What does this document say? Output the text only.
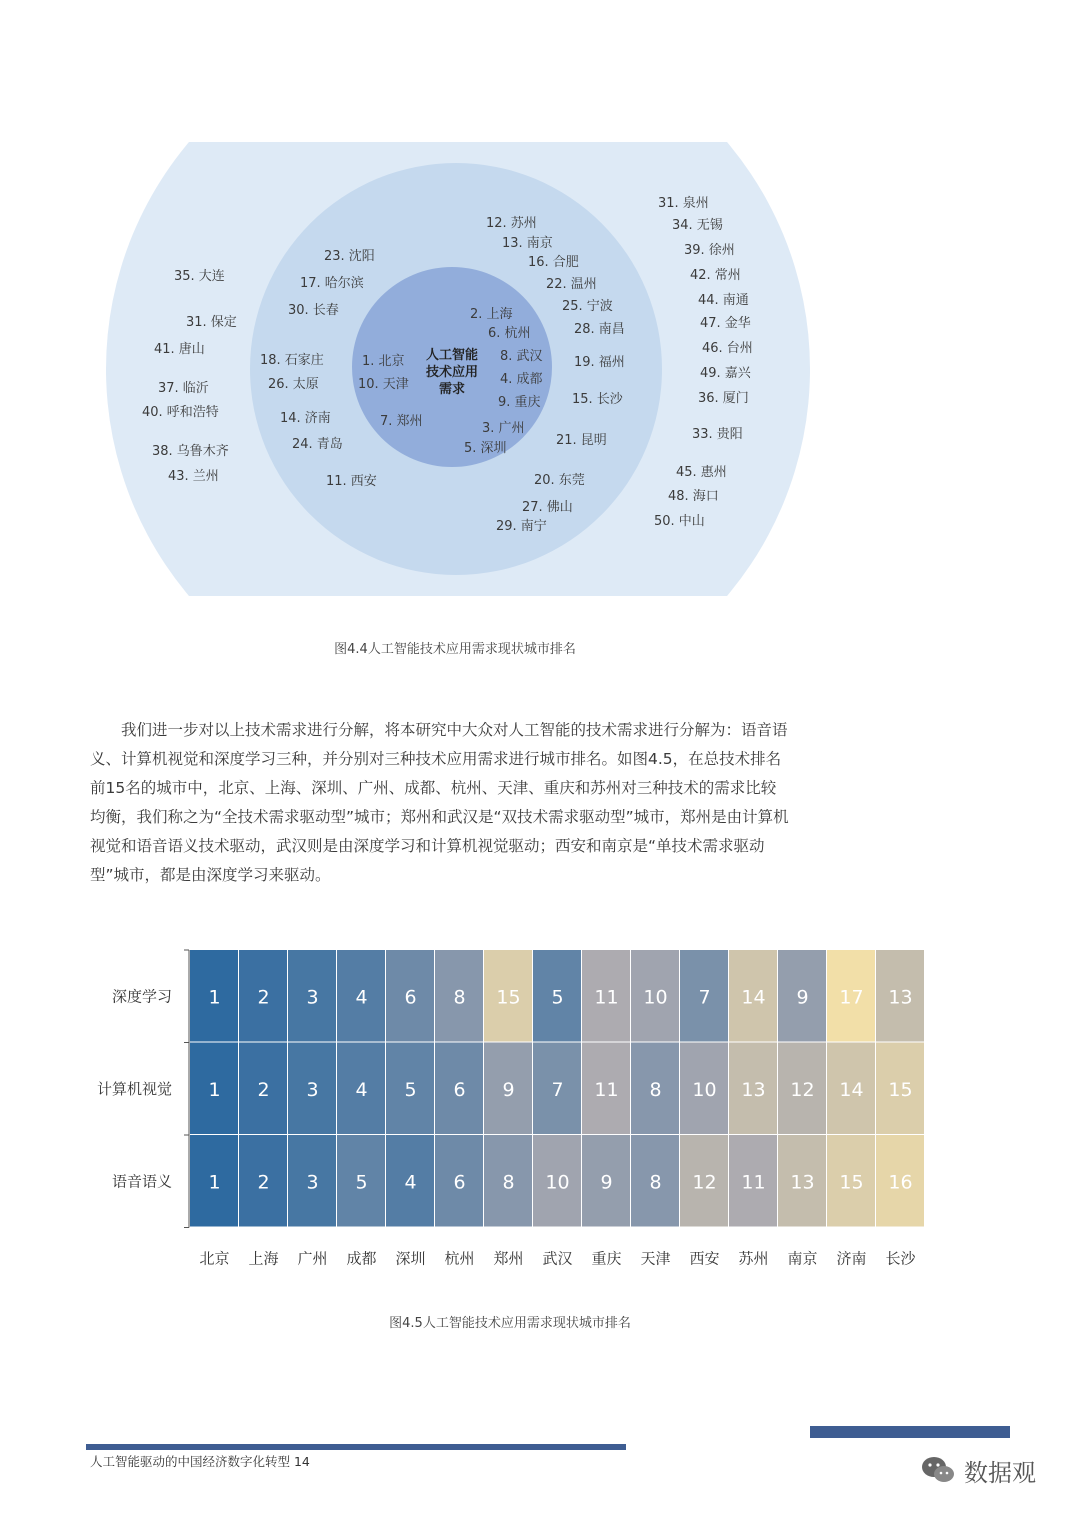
人工智能
技术应用
需求
1. 北京
10. 天津
7. 郑州
2. 上海
6. 杭州
8. 武汉
4. 成都
9. 重庆
3. 广州
5. 深圳
12. 苏州
13. 南京
16. 合肥
22. 温州
25. 宁波
28. 南昌
19. 福州
15. 长沙
21. 昆明
20. 东莞
27. 佛山
29. 南宁
11. 西安
24. 青岛
14. 济南
26. 太原
18. 石家庄
30. 长春
17. 哈尔滨
23. 沈阳
31. 泉州
34. 无锡
39. 徐州
42. 常州
44. 南通
47. 金华
46. 台州
49. 嘉兴
36. 厦门
33. 贵阳
45. 惠州
48. 海口
50. 中山
35. 大连
31. 保定
41. 唐山
37. 临沂
40. 呼和浩特
38. 乌鲁木齐
43. 兰州
图4.4人工智能技术应用需求现状城市排名

我们进一步对以上技术需求进行分解，将本研究中大众对人工智能的技术需求进行分解为：语音语义、计算机视觉和深度学习三种，并分别对三种技术应用需求进行城市排名。如图4.5，在总技术排名前15名的城市中，北京、上海、深圳、广州、成都、杭州、天津、重庆和苏州对三种技术的需求比较均衡，我们称之为“全技术需求驱动型”城市；郑州和武汉是“双技术需求驱动型”城市，郑州是由计算机视觉和语音语义技术驱动，武汉则是由深度学习和计算机视觉驱动；西安和南京是“单技术需求驱动型”城市，都是由深度学习来驱动。

1 2 3 4 6 8 15 5 11 10 7 14 9 17 13
1 2 3 4 5 6 9 7 11 8 10 13 12 14 15
1 2 3 5 4 6 8 10 9 8 12 11 13 15 16
深度学习
计算机视觉
语音语义
北京 上海 广州 成都 深圳 杭州 郑州 武汉 重庆 天津 西安 苏州 南京 济南 长沙
图4.5人工智能技术应用需求现状城市排名
人工智能驱动的中国经济数字化转型 14	数据观
